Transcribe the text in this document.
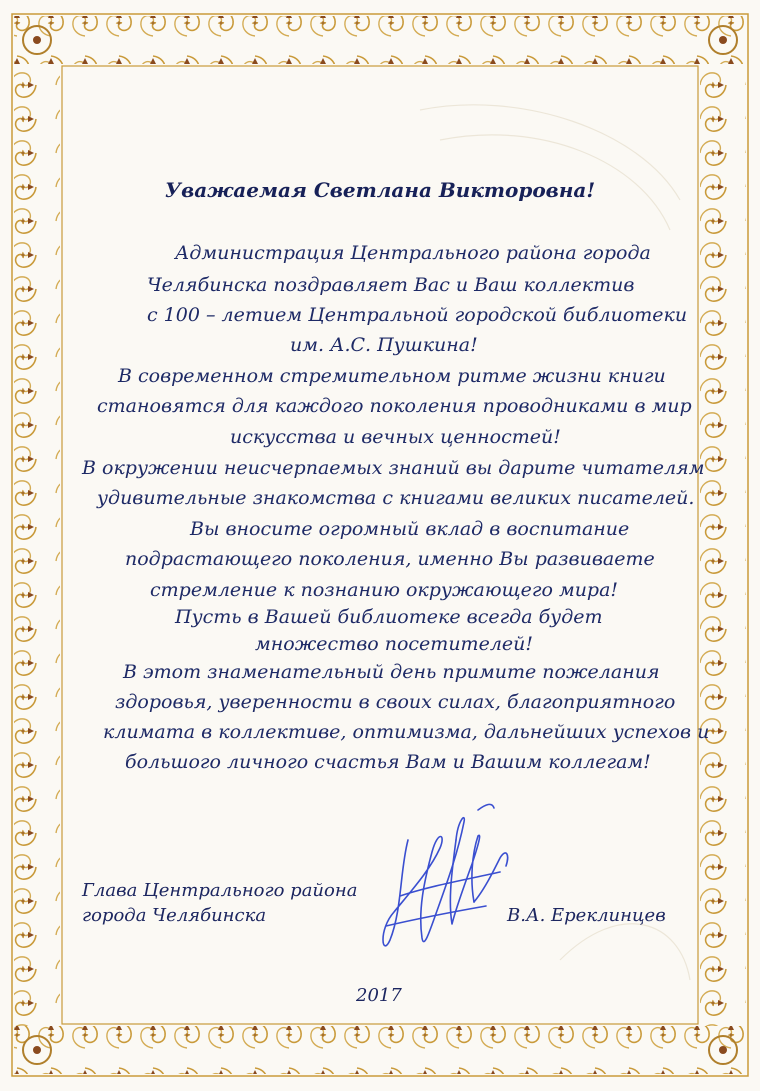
Уважаемая Светлана Викторовна!
Администрация Центрального района города
Челябинска поздравляет Вас и Ваш коллектив
с 100 – летием Центральной городской библиотеки
им. А.С. Пушкина!
В современном стремительном ритме жизни книги
становятся для каждого поколения проводниками в мир
искусства и вечных ценностей!
В окружении неисчерпаемых знаний вы дарите читателям
удивительные знакомства с книгами великих писателей.
Вы вносите огромный вклад в воспитание
подрастающего поколения, именно Вы развиваете
стремление к познанию окружающего мира!
Пусть в Вашей библиотеке всегда будет
множество посетителей!
В этот знаменательный день примите пожелания
здоровья, уверенности в своих силах, благоприятного
климата в коллективе, оптимизма, дальнейших успехов и
большого личного счастья Вам и Вашим коллегам!
Глава Центрального района
города Челябинска	В.А. Ереклинцев
2017
